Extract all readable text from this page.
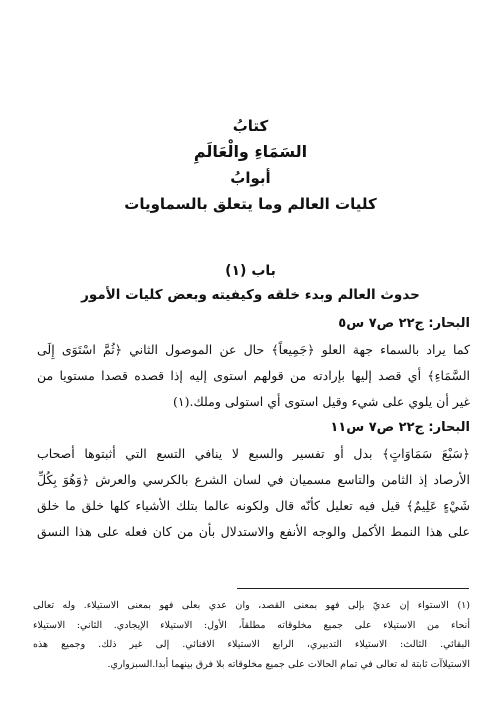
كتابُ
السَمَاءِ والْعَالَمِ
أبوابُ
كليات العالم وما يتعلق بالسماويات
باب (١)
حدوث العالم وبدء خلقه وكيفيته وبعض كليات الأمور
البحار: ج٢٢ ص٧ س٥
كما يراد بالسماء جهة العلو ﴿جَمِيعاً﴾ حال عن الموصول الثاني ﴿ثُمَّ اسْتَوَى إِلَى
السَّمَاءِ﴾ أي قصد إليها بإرادته من قولهم استوى إليه إذا قصده قصدا مستويا من
غير أن يلوي على شيء وقيل استوى أي استولى وملك.(١)
البحار: ج٢٢ ص٧ س١١
﴿سَبْعَ سَمَاوَاتٍ﴾ بدل أو تفسير والسبع لا ينافي التسع التي أثبتوها أصحاب
الأرصاد إذ الثامن والتاسع مسميان في لسان الشرع بالكرسي والعرش ﴿وَهُوَ بِكُلِّ
شَيْءٍ عَلِيمٌ﴾ قيل فيه تعليل كأنّه قال ولكونه عالما بتلك الأشياء كلها خلق ما خلق
على هذا النمط الأكمل والوجه الأنفع والاستدلال بأن من كان فعله على هذا النسق
(١) الاستواء إن عديّ بإلى فهو بمعنى القصد، وان عدي بعلى فهو بمعنى الاستيلاء. وله تعالى
أنحاء من الاستيلاء على جميع مخلوقاته مطلقاً، الأول: الاستيلاء الإيجادي. الثاني: الاستيلاء
البقائي. الثالث: الاستيلاء التدبيري، الرابع الاستيلاء الافنائي. إلى غير ذلك. وجميع هذه
الاستيلاآت ثابتة له تعالى في تمام الحالات على جميع مخلوقاته بلا فرق بينهما أبدا.السبزواري.
